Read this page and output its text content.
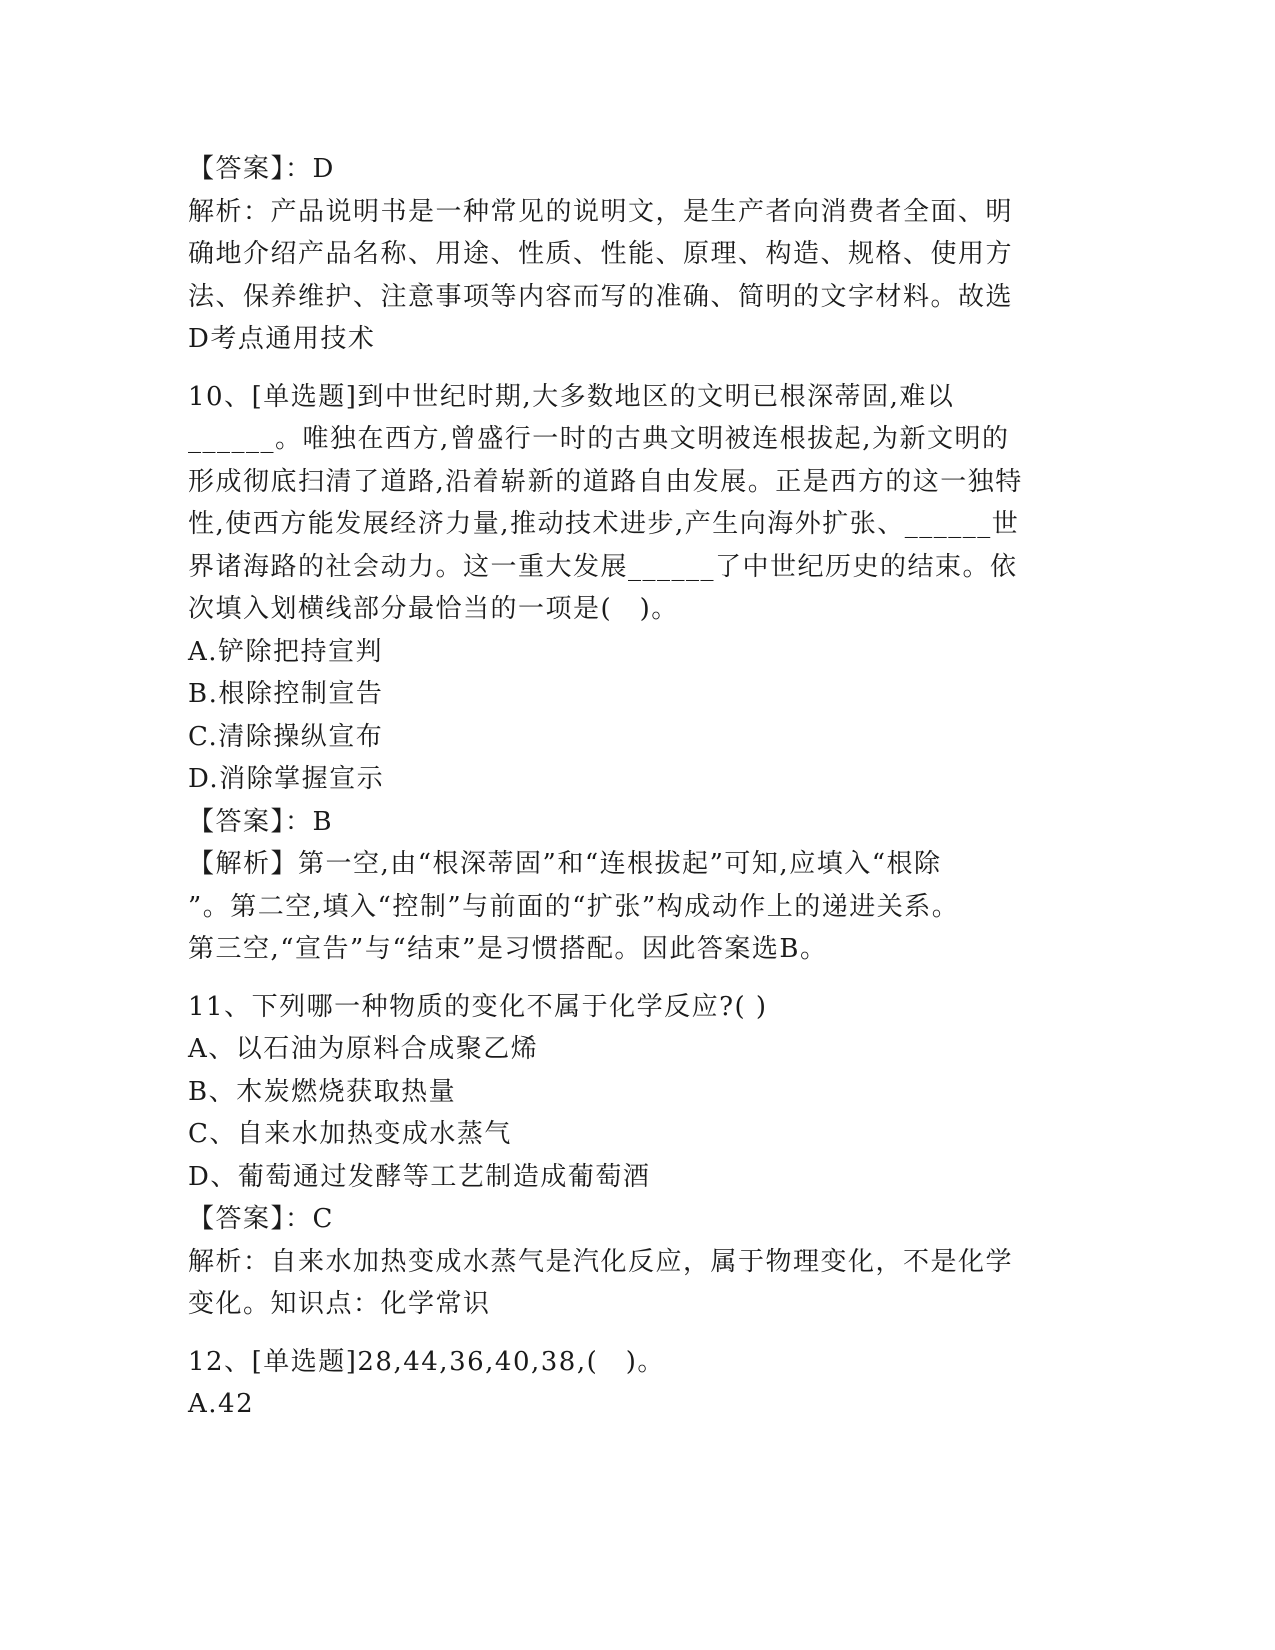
【答案】：D
解析：产品说明书是一种常见的说明文，是生产者向消费者全面、明
确地介绍产品名称、用途、性质、性能、原理、构造、规格、使用方
法、保养维护、注意事项等内容而写的准确、简明的文字材料。故选
D考点通用技术
10、[单选题]到中世纪时期,大多数地区的文明已根深蒂固,难以
______。唯独在西方,曾盛行一时的古典文明被连根拔起,为新文明的
形成彻底扫清了道路,沿着崭新的道路自由发展。正是西方的这一独特
性,使西方能发展经济力量,推动技术进步,产生向海外扩张、______世
界诸海路的社会动力。这一重大发展______了中世纪历史的结束。依
次填入划横线部分最恰当的一项是(　)。
A.铲除把持宣判
B.根除控制宣告
C.清除操纵宣布
D.消除掌握宣示
【答案】：B
【解析】第一空,由“根深蒂固”和“连根拔起”可知,应填入“根除
”。第二空,填入“控制”与前面的“扩张”构成动作上的递进关系。
第三空,“宣告”与“结束”是习惯搭配。因此答案选B。
11、下列哪一种物质的变化不属于化学反应?( )
A、以石油为原料合成聚乙烯
B、木炭燃烧获取热量
C、自来水加热变成水蒸气
D、葡萄通过发酵等工艺制造成葡萄酒
【答案】：C
解析：自来水加热变成水蒸气是汽化反应，属于物理变化，不是化学
变化。知识点：化学常识
12、[单选题]28,44,36,40,38,(　)。
A.42
